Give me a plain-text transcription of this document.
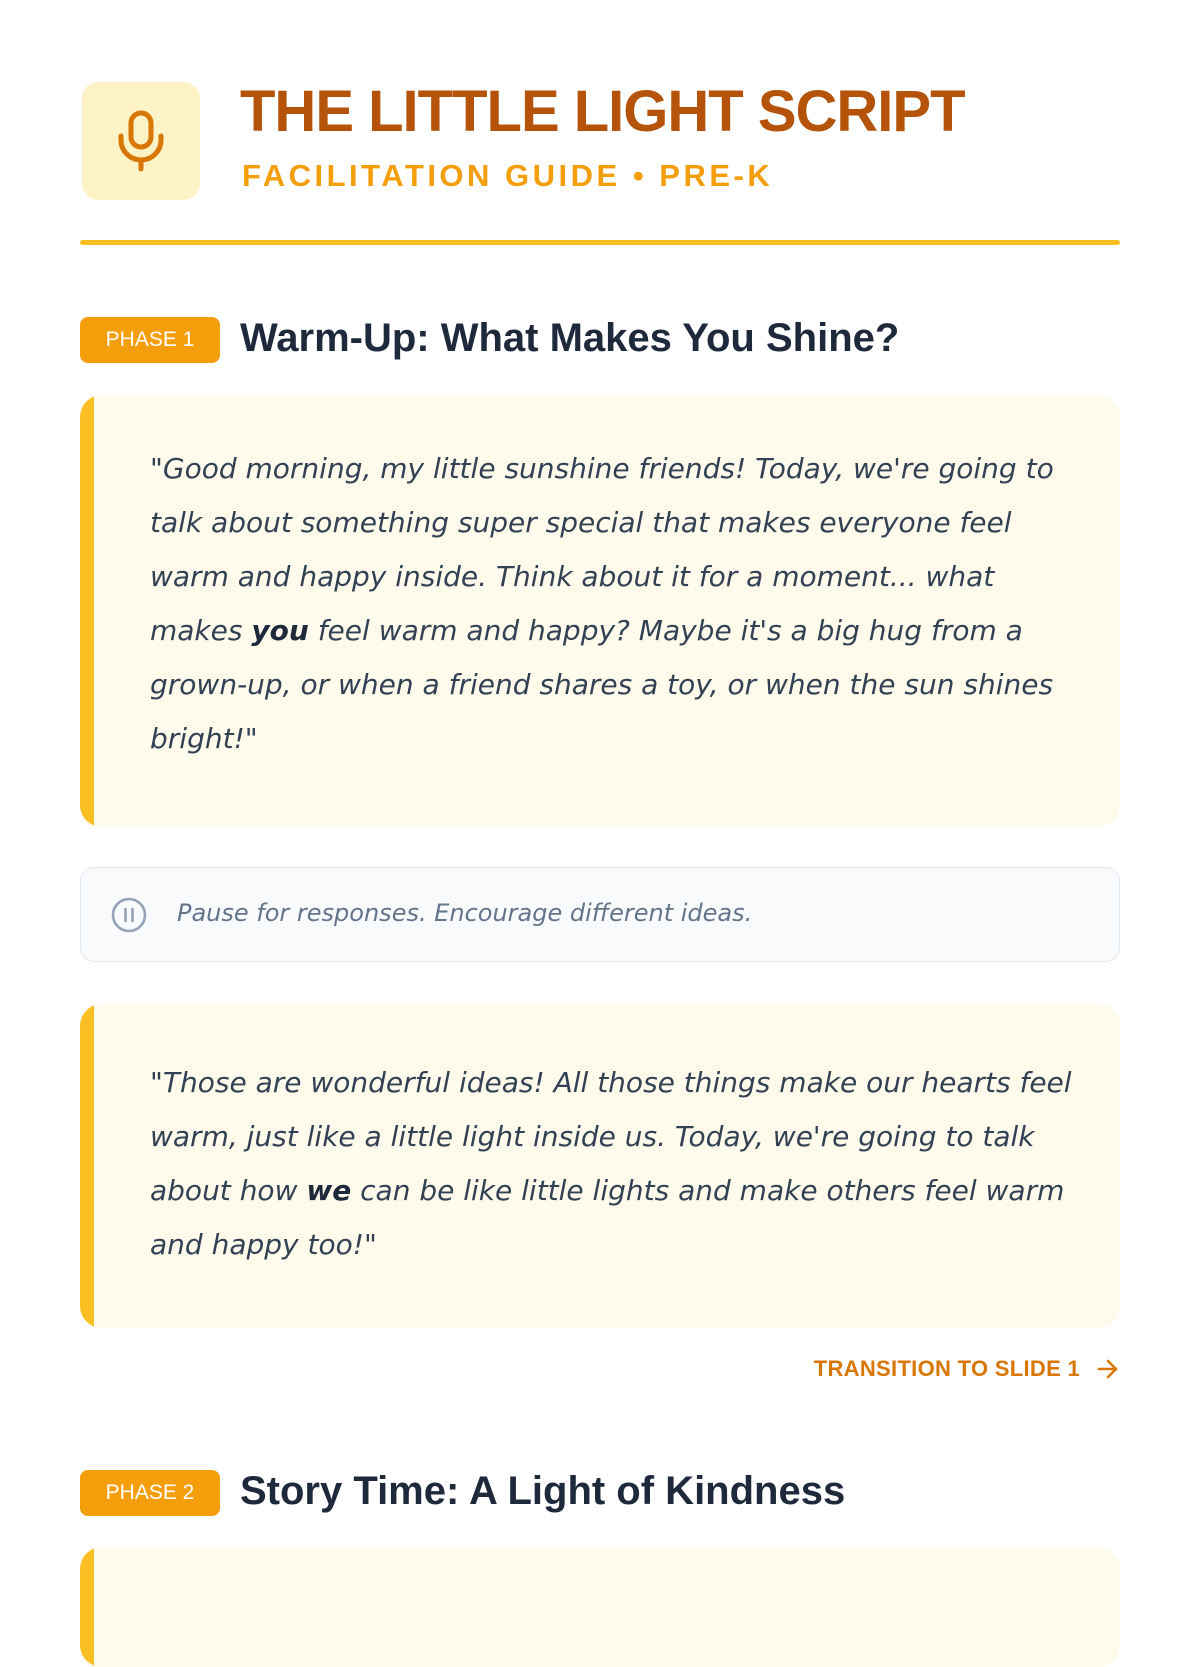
THE LITTLE LIGHT SCRIPT
FACILITATION GUIDE • PRE-K
PHASE 1	Warm-Up: What Makes You Shine?

"Good morning, my little sunshine friends! Today, we're going to talk about something super special that makes everyone feel warm and happy inside. Think about it for a moment... what makes you feel warm and happy? Maybe it's a big hug from a grown-up, or when a friend shares a toy, or when the sun shines bright!"

Pause for responses. Encourage different ideas.

"Those are wonderful ideas! All those things make our hearts feel warm, just like a little light inside us. Today, we're going to talk about how we can be like little lights and make others feel warm and happy too!"

TRANSITION TO SLIDE 1
PHASE 2	Story Time: A Light of Kindness
